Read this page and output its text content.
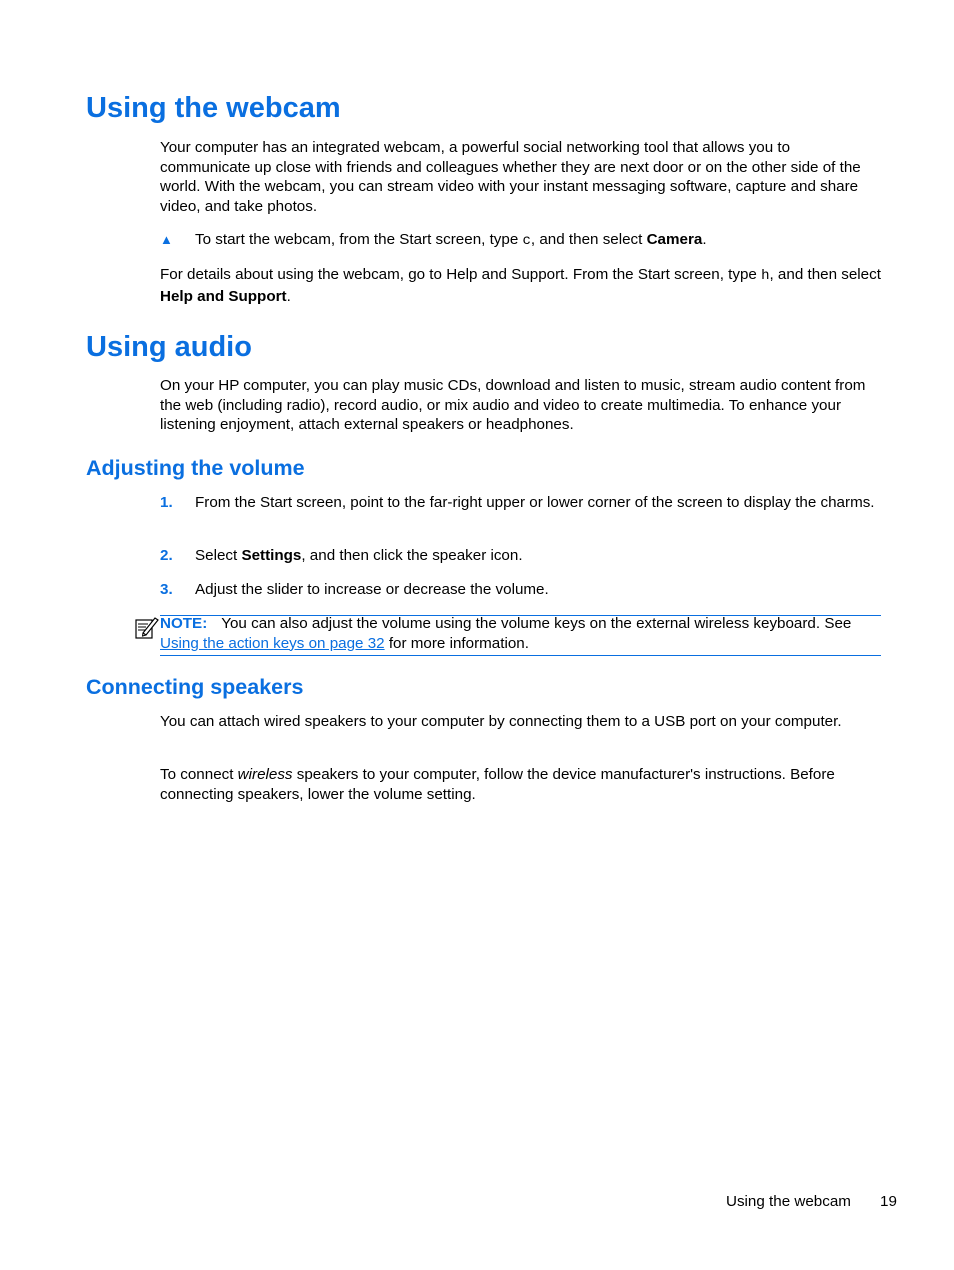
Using the webcam

Your computer has an integrated webcam, a powerful social networking tool that allows you to communicate up close with friends and colleagues whether they are next door or on the other side of the world. With the webcam, you can stream video with your instant messaging software, capture and share video, and take photos.

▲ To start the webcam, from the Start screen, type c, and then select Camera.

For details about using the webcam, go to Help and Support. From the Start screen, type h, and then select Help and Support.

Using audio

On your HP computer, you can play music CDs, download and listen to music, stream audio content from the web (including radio), record audio, or mix audio and video to create multimedia. To enhance your listening enjoyment, attach external speakers or headphones.

Adjusting the volume
1. From the Start screen, point to the far-right upper or lower corner of the screen to display the charms.

2. Select Settings, and then click the speaker icon.

3. Adjust the slider to increase or decrease the volume.

NOTE: You can also adjust the volume using the volume keys on the external wireless keyboard. See Using the action keys on page 32 for more information.

Connecting speakers

You can attach wired speakers to your computer by connecting them to a USB port on your computer.

To connect wireless speakers to your computer, follow the device manufacturer's instructions. Before connecting speakers, lower the volume setting.

Using the webcam 19
